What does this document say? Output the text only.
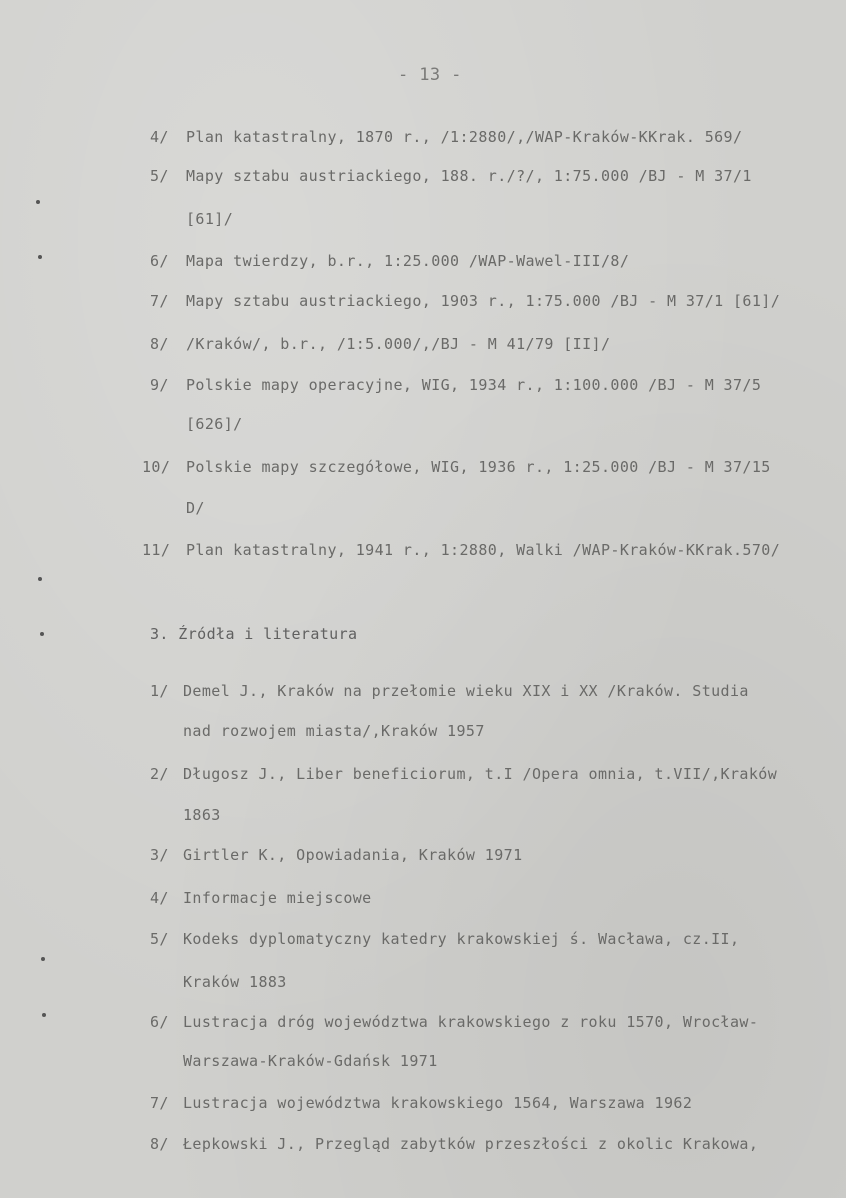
- 13 -
4/ Plan katastralny, 1870 r., /1:2880/,/WAP-Kraków-KKrak. 569/
5/ Mapy sztabu austriackiego, 188. r./?/, 1:75.000 /BJ - M 37/1
[61]/
6/ Mapa twierdzy, b.r., 1:25.000 /WAP-Wawel-III/8/
7/ Mapy sztabu austriackiego, 1903 r., 1:75.000 /BJ - M 37/1 [61]/
8/ /Kraków/, b.r., /1:5.000/,/BJ - M 41/79 [II]/
9/ Polskie mapy operacyjne, WIG, 1934 r., 1:100.000 /BJ - M 37/5
[626]/
10/ Polskie mapy szczegółowe, WIG, 1936 r., 1:25.000 /BJ - M 37/15
D/
11/ Plan katastralny, 1941 r., 1:2880, Walki /WAP-Kraków-KKrak.570/
3. Źródła i literatura
1/ Demel J., Kraków na przełomie wieku XIX i XX /Kraków. Studia
nad rozwojem miasta/,Kraków 1957
2/ Długosz J., Liber beneficiorum, t.I /Opera omnia, t.VII/,Kraków
1863
3/ Girtler K., Opowiadania, Kraków 1971
4/ Informacje miejscowe
5/ Kodeks dyplomatyczny katedry krakowskiej ś. Wacława, cz.II,
Kraków 1883
6/ Lustracja dróg województwa krakowskiego z roku 1570, Wrocław-
Warszawa-Kraków-Gdańsk 1971
7/ Lustracja województwa krakowskiego 1564, Warszawa 1962
8/ Łepkowski J., Przegląd zabytków przeszłości z okolic Krakowa,
